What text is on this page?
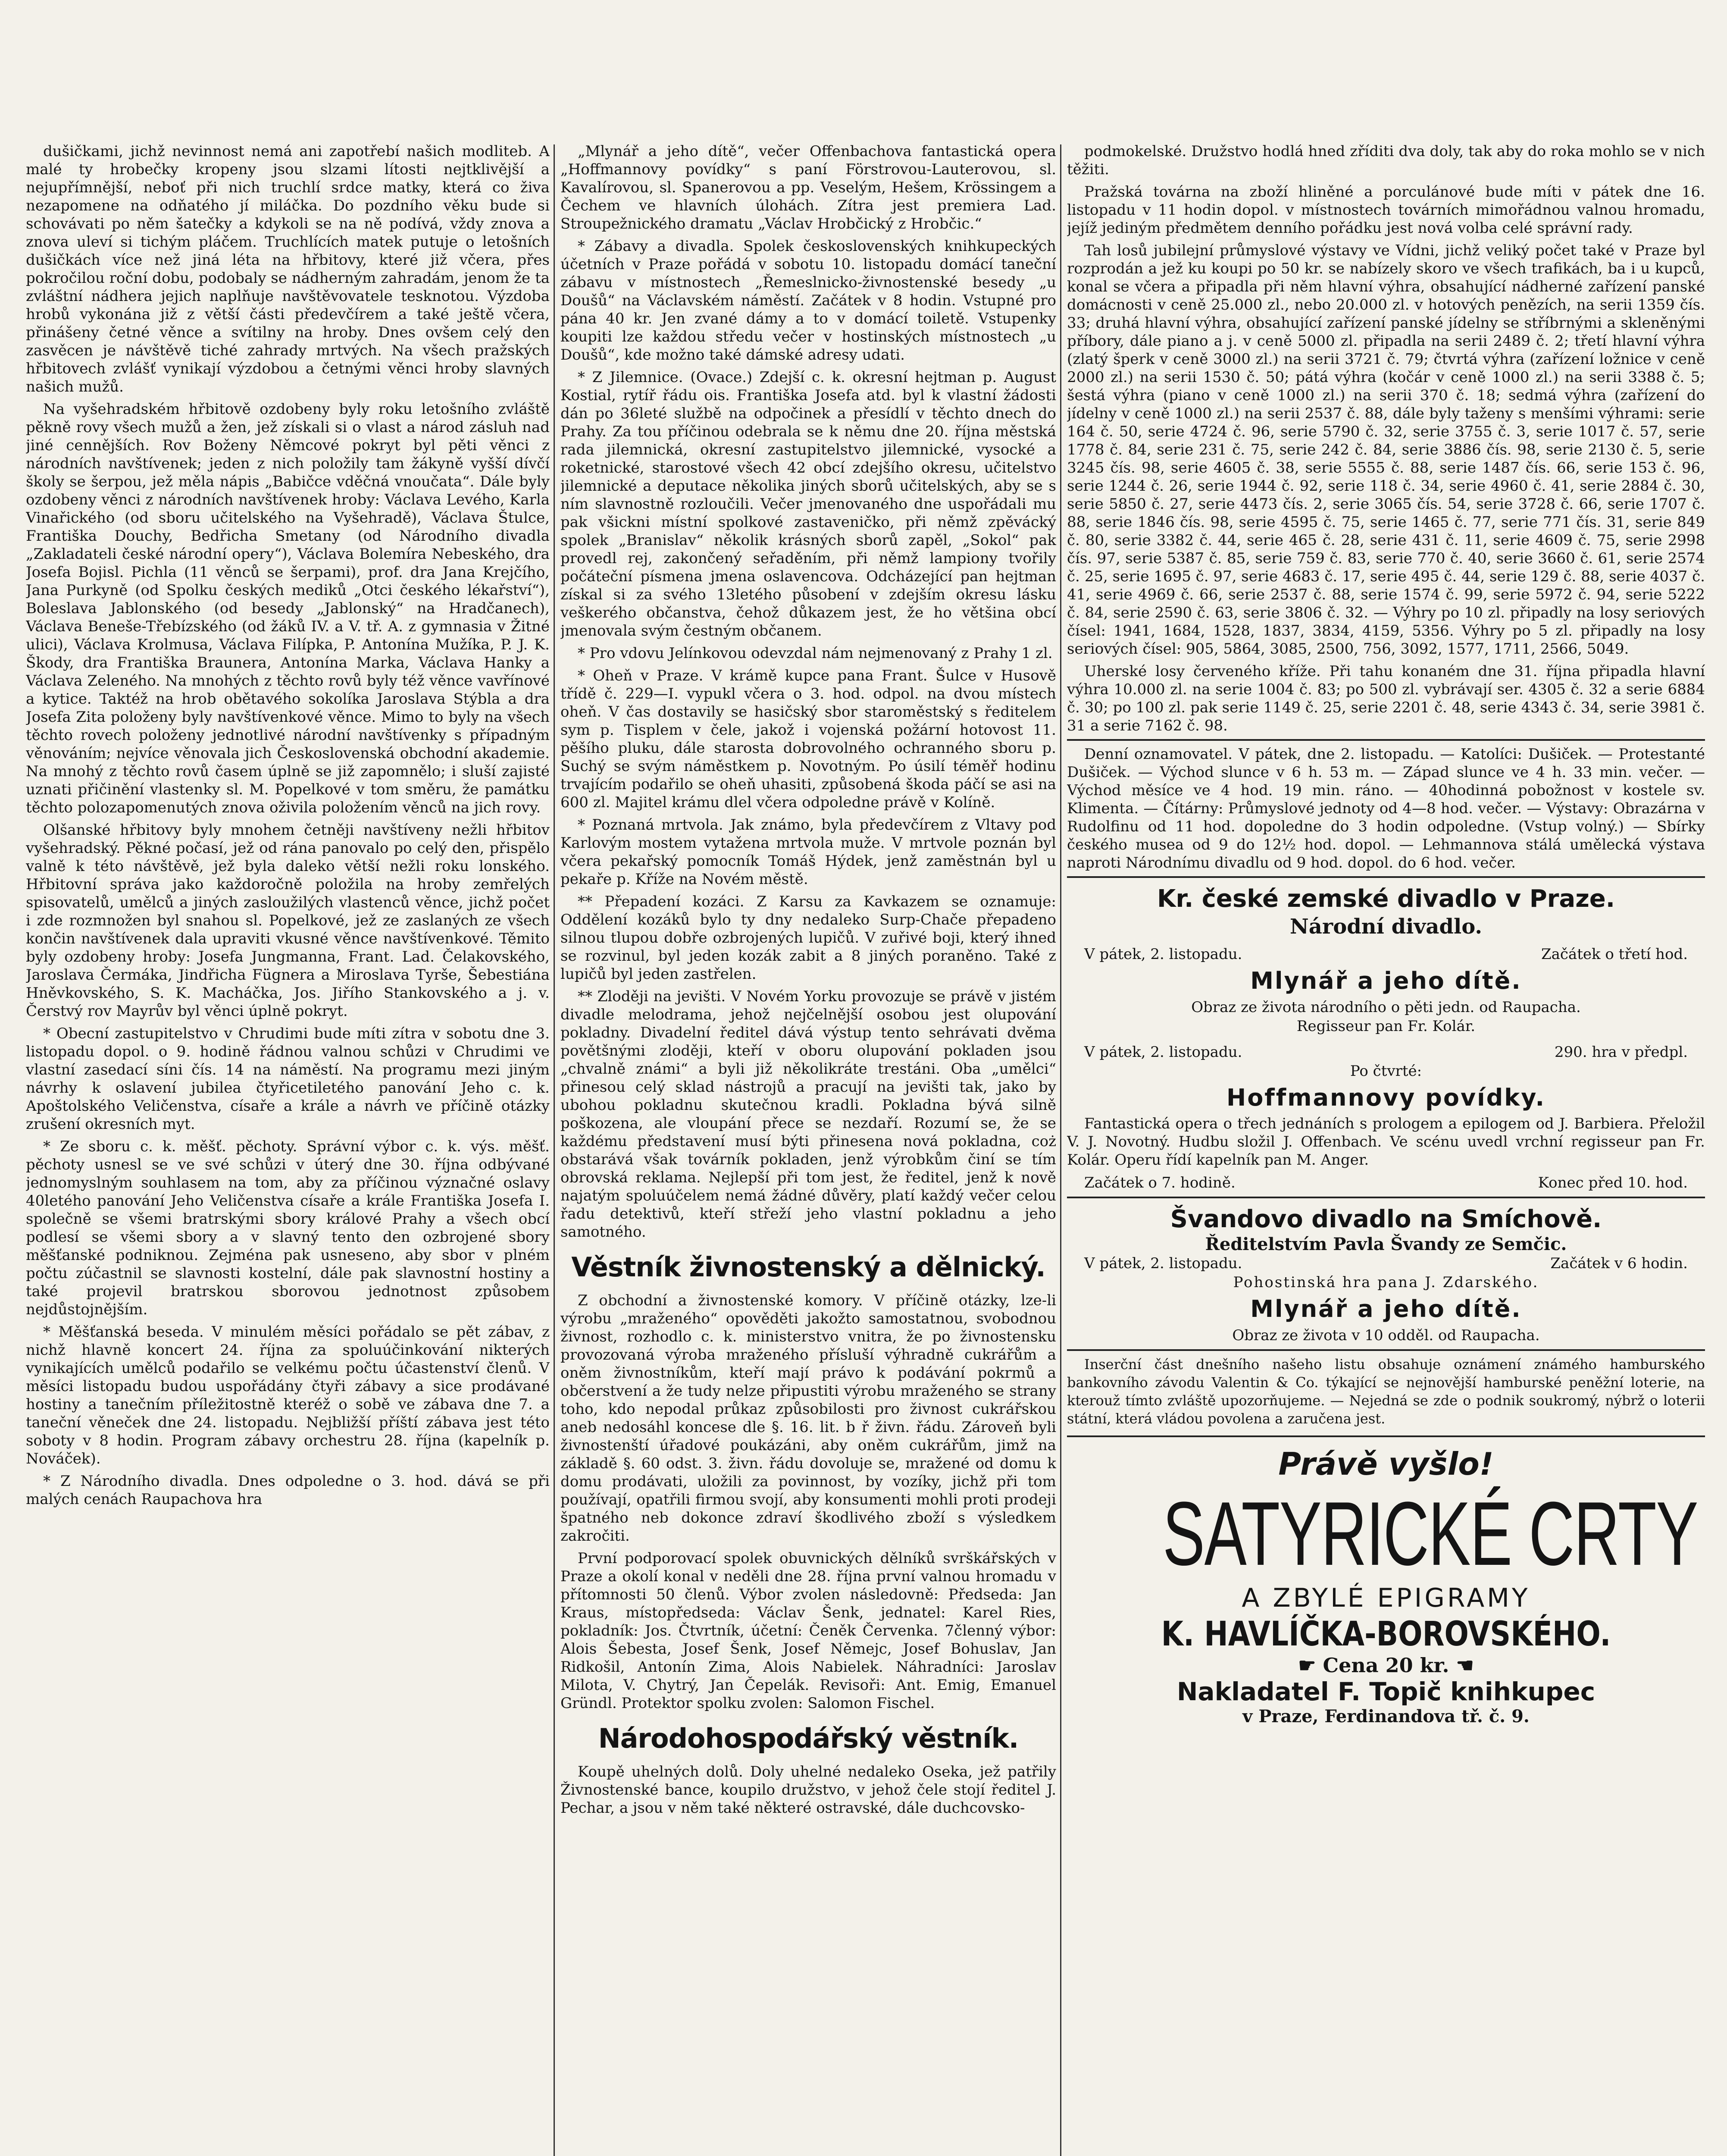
dušičkami, jichž nevinnost nemá ani zapotřebí našich modliteb. A malé ty hrobečky kropeny jsou slzami lítosti nejtklivější a nejupřímnější, neboť při nich truchlí srdce matky, která co živa nezapomene na odňatého jí miláčka. Do pozdního věku bude si schovávati po něm šatečky a kdykoli se na ně podívá, vždy znova a znova uleví si tichým pláčem. Truchlících matek putuje o letošních dušičkách více než jiná léta na hřbitovy, které již včera, přes pokročilou roční dobu, podobaly se nádherným zahradám, jenom že ta zvláštní nádhera jejich naplňuje navštěvovatele tesknotou. Výzdoba hrobů vykonána již z větší části předevčírem a také ještě včera, přinášeny četné věnce a svítilny na hroby. Dnes ovšem celý den zasvěcen je návštěvě tiché zahrady mrtvých. Na všech pražských hřbitovech zvlášť vynikají výzdobou a četnými věnci hroby slavných našich mužů.

Na vyšehradském hřbitově ozdobeny byly roku letošního zvláště pěkně rovy všech mužů a žen, jež získali si o vlast a národ zásluh nad jiné cennějších. Rov Boženy Němcové pokryt byl pěti věnci z národních navštívenek; jeden z nich položily tam žákyně vyšší dívčí školy se šerpou, jež měla nápis „Babičce vděčná vnoučata“. Dále byly ozdobeny věnci z národních navštívenek hroby: Václava Levého, Karla Vinařického (od sboru učitelského na Vyšehradě), Václava Štulce, Františka Douchy, Bedřicha Smetany (od Národního divadla „Zakladateli české národní opery“), Václava Bolemíra Nebeského, dra Josefa Bojisl. Pichla (11 věnců se šerpami), prof. dra Jana Krejčího, Jana Purkyně (od Spolku českých mediků „Otci českého lékařství“), Boleslava Jablonského (od besedy „Jablonský“ na Hradčanech), Václava Beneše-Třebízského (od žáků IV. a V. tř. A. z gymnasia v Žitné ulici), Václava Krolmusa, Václava Filípka, P. Antonína Mužíka, P. J. K. Škody, dra Františka Braunera, Antonína Marka, Václava Hanky a Václava Zeleného. Na mnohých z těchto rovů byly též věnce vavřínové a kytice. Taktéž na hrob obětavého sokolíka Jaroslava Stýbla a dra Josefa Zita položeny byly navštívenkové věnce. Mimo to byly na všech těchto rovech položeny jednotlivé národní navštívenky s případným věnováním; nejvíce věnovala jich Československá obchodní akademie. Na mnohý z těchto rovů časem úplně se již zapomnělo; i sluší zajisté uznati přičinění vlastenky sl. M. Popelkové v tom směru, že památku těchto polozapomenutých znova oživila položením věnců na jich rovy.

Olšanské hřbitovy byly mnohem četněji navštíveny nežli hřbitov vyšehradský. Pěkné počasí, jež od rána panovalo po celý den, přispělo valně k této návštěvě, jež byla daleko větší nežli roku lonského. Hřbitovní správa jako každoročně položila na hroby zemřelých spisovatelů, umělců a jiných zasloužilých vlastenců věnce, jichž počet i zde rozmnožen byl snahou sl. Popelkové, jež ze zaslaných ze všech končin navštívenek dala upraviti vkusné věnce navštívenkové. Těmito byly ozdobeny hroby: Josefa Jungmanna, Frant. Lad. Čelakovského, Jaroslava Čermáka, Jindřicha Fügnera a Miroslava Tyrše, Šebestiána Hněvkovského, S. K. Macháčka, Jos. Jiřího Stankovského a j. v. Čerstvý rov Mayrův byl věnci úplně pokryt.

* Obecní zastupitelstvo v Chrudimi bude míti zítra v sobotu dne 3. listopadu dopol. o 9. hodině řádnou valnou schůzi v Chrudimi ve vlastní zasedací síni čís. 14 na náměstí. Na programu mezi jiným návrhy k oslavení jubilea čtyřicetiletého panování Jeho c. k. Apoštolského Veličenstva, císaře a krále a návrh ve příčině otázky zrušení okresních myt.

* Ze sboru c. k. měšť. pěchoty. Správní výbor c. k. výs. měšť. pěchoty usnesl se ve své schůzi v úterý dne 30. října odbývané jednomyslným souhlasem na tom, aby za příčinou význačné oslavy 40letého panování Jeho Veličenstva císaře a krále Františka Josefa I. společně se všemi bratrskými sbory králové Prahy a všech obcí podlesí se všemi sbory a v slavný tento den ozbrojené sbory měšťanské podniknou. Zejména pak usneseno, aby sbor v plném počtu zúčastnil se slavnosti kostelní, dále pak slavnostní hostiny a také projevil bratrskou sborovou jednotnost způsobem nejdůstojnějším.

* Měšťanská beseda. V minulém měsíci pořádalo se pět zábav, z nichž hlavně koncert 24. října za spoluúčinkování nikterých vynikajících umělců podařilo se velkému počtu účastenství členů. V měsíci listopadu budou uspořádány čtyři zábavy a sice prodávané hostiny a tanečním příležitostně kteréž o sobě ve zábava dne 7. a taneční věneček dne 24. listopadu. Nejbližší příští zábava jest této soboty v 8 hodin. Program zábavy orchestru 28. října (kapelník p. Nováček).

* Z Národního divadla. Dnes odpoledne o 3. hod. dává se při malých cenách Raupachova hra

„Mlynář a jeho dítě“, večer Offenbachova fantastická opera „Hoffmannovy povídky“ s paní Förstrovou-Lauterovou, sl. Kavalírovou, sl. Spanerovou a pp. Veselým, Hešem, Krössingem a Čechem ve hlavních úlohách. Zítra jest premiera Lad. Stroupežnického dramatu „Václav Hrobčický z Hrobčic.“

* Zábavy a divadla. Spolek československých knihkupeckých účetních v Praze pořádá v sobotu 10. listopadu domácí taneční zábavu v místnostech „Řemeslnicko-živnostenské besedy „u Doušů“ na Václavském náměstí. Začátek v 8 hodin. Vstupné pro pána 40 kr. Jen zvané dámy a to v domácí toiletě. Vstupenky koupiti lze každou středu večer v hostinských místnostech „u Doušů“, kde možno také dámské adresy udati.

* Z Jilemnice. (Ovace.) Zdejší c. k. okresní hejtman p. August Kostial, rytíř řádu ois. Františka Josefa atd. byl k vlastní žádosti dán po 36leté službě na odpočinek a přesídlí v těchto dnech do Prahy. Za tou příčinou odebrala se k němu dne 20. října městská rada jilemnická, okresní zastupitelstvo jilemnické, vysocké a roketnické, starostové všech 42 obcí zdejšího okresu, učitelstvo jilemnické a deputace několika jiných sborů učitelských, aby se s ním slavnostně rozloučili. Večer jmenovaného dne uspořádali mu pak všickni místní spolkové zastaveničko, při němž zpěvácký spolek „Branislav“ několik krásných sborů zapěl, „Sokol“ pak provedl rej, zakončený seřaděním, při němž lampiony tvořily počáteční písmena jmena oslavencova. Odcházející pan hejtman získal si za svého 13letého působení v zdejším okresu lásku veškerého občanstva, čehož důkazem jest, že ho většina obcí jmenovala svým čestným občanem.

* Pro vdovu Jelínkovou odevzdal nám nejmenovaný z Prahy 1 zl.

* Oheň v Praze. V krámě kupce pana Frant. Šulce v Husově třídě č. 229—I. vypukl včera o 3. hod. odpol. na dvou místech oheň. V čas dostavily se hasičský sbor staroměstský s ředitelem sym p. Tisplem v čele, jakož i vojenská požární hotovost 11. pěšího pluku, dále starosta dobrovolného ochranného sboru p. Suchý se svým náměstkem p. Novotným. Po úsilí téměř hodinu trvajícím podařilo se oheň uhasiti, způsobená škoda páčí se asi na 600 zl. Majitel krámu dlel včera odpoledne právě v Kolíně.

* Poznaná mrtvola. Jak známo, byla předevčírem z Vltavy pod Karlovým mostem vytažena mrtvola muže. V mrtvole poznán byl včera pekařský pomocník Tomáš Hýdek, jenž zaměstnán byl u pekaře p. Kříže na Novém městě.

** Přepadení kozáci. Z Karsu za Kavkazem se oznamuje: Oddělení kozáků bylo ty dny nedaleko Surp-Chače přepadeno silnou tlupou dobře ozbrojených lupičů. V zuřivé boji, který ihned se rozvinul, byl jeden kozák zabit a 8 jiných poraněno. Také z lupičů byl jeden zastřelen.

** Zloději na jevišti. V Novém Yorku provozuje se právě v jistém divadle melodrama, jehož nejčelnější osobou jest olupování pokladny. Divadelní ředitel dává výstup tento sehrávati dvěma povětšnými zloději, kteří v oboru olupování pokladen jsou „chvalně známi“ a byli již několikráte trestáni. Oba „umělci“ přinesou celý sklad nástrojů a pracují na jevišti tak, jako by ubohou pokladnu skutečnou kradli. Pokladna bývá silně poškozena, ale vloupání přece se nezdaří. Rozumí se, že se každému představení musí býti přinesena nová pokladna, coż obstarává však továrník pokladen, jenž výrobkům činí se tím obrovská reklama. Nejlepší při tom jest, že ředitel, jenž k nově najatým spoluúčelem nemá žádné důvěry, platí každý večer celou řadu detektivů, kteří střeží jeho vlastní pokladnu a jeho samotného.

Věstník živnostenský a dělnický.

Z obchodní a živnostenské komory. V příčině otázky, lze-li výrobu „mraženého“ opověděti jakožto samostatnou, svobodnou živnost, rozhodlo c. k. ministerstvo vnitra, že po živnostensku provozovaná výroba mraženého přísluší výhradně cukrářům a oněm živnostníkům, kteří mají právo k podávání pokrmů a občerstvení a že tudy nelze připustiti výrobu mraženého se strany toho, kdo nepodal průkaz způsobilosti pro živnost cukrářskou aneb nedosáhl koncese dle §. 16. lit. b ř živn. řádu. Zároveň byli živnostenští úřadové poukázáni, aby oněm cukrářům, jimž na základě §. 60 odst. 3. živn. řádu dovoluje se, mražené od domu k domu prodávati, uložili za povinnost, by vozíky, jichž při tom používají, opatřili firmou svojí, aby konsumenti mohli proti prodeji špatného neb dokonce zdraví škodlivého zboží s výsledkem zakročiti.

První podporovací spolek obuvnických dělníků svrškářských v Praze a okolí konal v neděli dne 28. října první valnou hromadu v přítomnosti 50 členů. Výbor zvolen následovně: Předseda: Jan Kraus, místopředseda: Václav Šenk, jednatel: Karel Ries, pokladník: Jos. Čtvrtník, účetní: Čeněk Červenka. 7členný výbor: Alois Šebesta, Josef Šenk, Josef Němejc, Josef Bohuslav, Jan Ridkošil, Antonín Zima, Alois Nabielek. Náhradníci: Jaroslav Milota, V. Chytrý, Jan Čepelák. Revisoři: Ant. Emig, Emanuel Gründl. Protektor spolku zvolen: Salomon Fischel.

Národohospodářský věstník.

Koupě uhelných dolů. Doly uhelné nedaleko Oseka, jež patřily Živnostenské bance, koupilo družstvo, v jehož čele stojí ředitel J. Pechar, a jsou v něm také některé ostravské, dále duchcovsko-

podmokelské. Družstvo hodlá hned zříditi dva doly, tak aby do roka mohlo se v nich těžiti.

Pražská továrna na zboží hliněné a porculánové bude míti v pátek dne 16. listopadu v 11 hodin dopol. v místnostech továrních mimořádnou valnou hromadu, jejíž jediným předmětem denního pořádku jest nová volba celé správní rady.

Tah losů jubilejní průmyslové výstavy ve Vídni, jichž veliký počet také v Praze byl rozprodán a jež ku koupi po 50 kr. se nabízely skoro ve všech trafikách, ba i u kupců, konal se včera a připadla při něm hlavní výhra, obsahující nádherné zařízení panské domácnosti v ceně 25.000 zl., nebo 20.000 zl. v hotových penězích, na serii 1359 čís. 33; druhá hlavní výhra, obsahující zařízení panské jídelny se stříbrnými a skleněnými příbory, dále piano a j. v ceně 5000 zl. připadla na serii 2489 č. 2; třetí hlavní výhra (zlatý šperk v ceně 3000 zl.) na serii 3721 č. 79; čtvrtá výhra (zařízení ložnice v ceně 2000 zl.) na serii 1530 č. 50; pátá výhra (kočár v ceně 1000 zl.) na serii 3388 č. 5; šestá výhra (piano v ceně 1000 zl.) na serii 370 č. 18; sedmá výhra (zařízení do jídelny v ceně 1000 zl.) na serii 2537 č. 88, dále byly taženy s menšími výhrami: serie 164 č. 50, serie 4724 č. 96, serie 5790 č. 32, serie 3755 č. 3, serie 1017 č. 57, serie 1778 č. 84, serie 231 č. 75, serie 242 č. 84, serie 3886 čís. 98, serie 2130 č. 5, serie 3245 čís. 98, serie 4605 č. 38, serie 5555 č. 88, serie 1487 čís. 66, serie 153 č. 96, serie 1244 č. 26, serie 1944 č. 92, serie 118 č. 34, serie 4960 č. 41, serie 2884 č. 30, serie 5850 č. 27, serie 4473 čís. 2, serie 3065 čís. 54, serie 3728 č. 66, serie 1707 č. 88, serie 1846 čís. 98, serie 4595 č. 75, serie 1465 č. 77, serie 771 čís. 31, serie 849 č. 80, serie 3382 č. 44, serie 465 č. 28, serie 431 č. 11, serie 4609 č. 75, serie 2998 čís. 97, serie 5387 č. 85, serie 759 č. 83, serie 770 č. 40, serie 3660 č. 61, serie 2574 č. 25, serie 1695 č. 97, serie 4683 č. 17, serie 495 č. 44, serie 129 č. 88, serie 4037 č. 41, serie 4969 č. 66, serie 2537 č. 88, serie 1574 č. 99, serie 5972 č. 94, serie 5222 č. 84, serie 2590 č. 63, serie 3806 č. 32. — Výhry po 10 zl. připadly na losy seriových čísel: 1941, 1684, 1528, 1837, 3834, 4159, 5356. Výhry po 5 zl. připadly na losy seriových čísel: 905, 5864, 3085, 2500, 756, 3092, 1577, 1711, 2566, 5049.

Uherské losy červeného kříže. Při tahu konaném dne 31. října připadla hlavní výhra 10.000 zl. na serie 1004 č. 83; po 500 zl. vybrávají ser. 4305 č. 32 a serie 6884 č. 30; po 100 zl. pak serie 1149 č. 25, serie 2201 č. 48, serie 4343 č. 34, serie 3981 č. 31 a serie 7162 č. 98.

Denní oznamovatel. V pátek, dne 2. listopadu. — Katolíci: Dušiček. — Protestanté Dušiček. — Východ slunce v 6 h. 53 m. — Západ slunce ve 4 h. 33 min. večer. — Východ měsíce ve 4 hod. 19 min. ráno. — 40hodinná pobožnost v kostele sv. Klimenta. — Čítárny: Průmyslové jednoty od 4—8 hod. večer. — Výstavy: Obrazárna v Rudolfinu od 11 hod. dopoledne do 3 hodin odpoledne. (Vstup volný.) — Sbírky českého musea od 9 do 12½ hod. dopol. — Lehmannova stálá umělecká výstava naproti Národnímu divadlu od 9 hod. dopol. do 6 hod. večer.

Kr. české zemské divadlo v Praze.
Národní divadlo.
V pátek, 2. listopadu.	Začátek o třetí hod.
Mlynář a jeho dítě.
Obraz ze života národního o pěti jedn. od Raupacha.
Regisseur pan Fr. Kolár.
V pátek, 2. listopadu.	290. hra v předpl.
Po čtvrté:
Hoffmannovy povídky.

Fantastická opera o třech jednáních s prologem a epilogem od J. Barbiera. Přeložil V. J. Novotný. Hudbu složil J. Offenbach. Ve scénu uvedl vrchní regisseur pan Fr. Kolár. Operu řídí kapelník pan M. Anger.

Začátek o 7. hodině.	Konec před 10. hod.
Švandovo divadlo na Smíchově.
Ředitelstvím Pavla Švandy ze Semčic.
V pátek, 2. listopadu.	Začátek v 6 hodin.
Pohostinská hra pana J. Zdarského.
Mlynář a jeho dítě.
Obraz ze života v 10 odděl. od Raupacha.

Inserční část dnešního našeho listu obsahuje oznámení známého hamburského bankovního závodu Valentin & Co. týkající se nejnovější hamburské peněžní loterie, na kterouž tímto zvláště upozorňujeme. — Nejedná se zde o podnik soukromý, nýbrž o loterii státní, která vládou povolena a zaručena jest.

Právě vyšlo!
SATYRICKÉ CRTY
A ZBYLÉ EPIGRAMY
K. HAVLÍČKA-BOROVSKÉHO.
☛ Cena 20 kr. ☚
Nakladatel F. Topič knihkupec
v Praze, Ferdinandova tř. č. 9.
